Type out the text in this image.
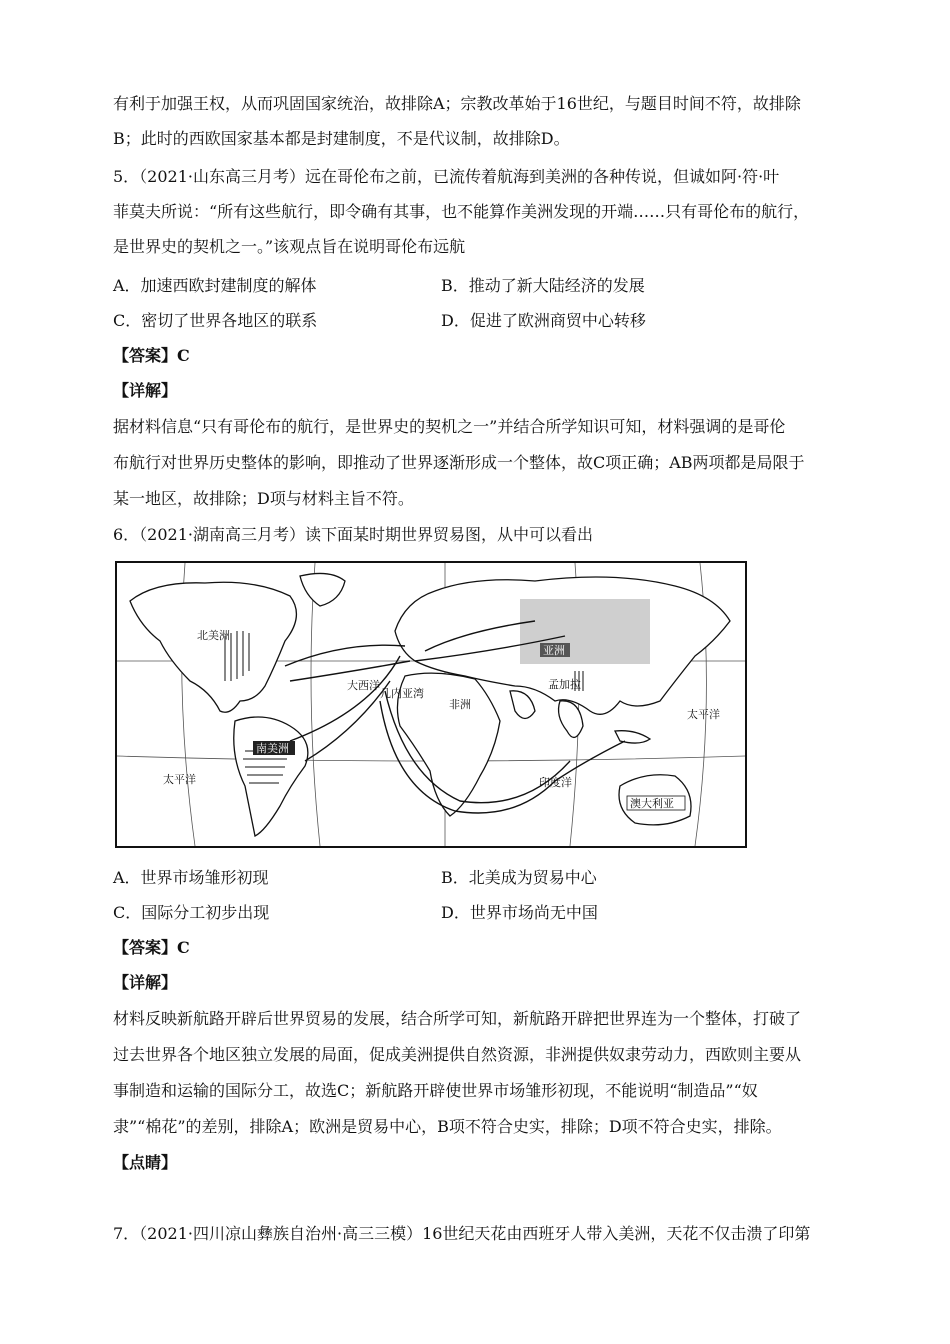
有利于加强王权，从而巩固国家统治，故排除A；宗教改革始于16世纪，与题目时间不符，故排除
B；此时的西欧国家基本都是封建制度，不是代议制，故排除D。
5．（2021·山东高三月考）远在哥伦布之前，已流传着航海到美洲的各种传说，但诚如阿·符·叶
菲莫夫所说：“所有这些航行，即令确有其事，也不能算作美洲发现的开端……只有哥伦布的航行，
是世界史的契机之一。”该观点旨在说明哥伦布远航
A．加速西欧封建制度的解体	B．推动了新大陆经济的发展
C．密切了世界各地区的联系	D．促进了欧洲商贸中心转移
【答案】C
【详解】
据材料信息“只有哥伦布的航行，是世界史的契机之一”并结合所学知识可知，材料强调的是哥伦
布航行对世界历史整体的影响，即推动了世界逐渐形成一个整体，故C项正确；AB两项都是局限于
某一地区，故排除；D项与材料主旨不符。
6．（2021·湖南高三月考）读下面某时期世界贸易图，从中可以看出
北美洲
大西洋
南美洲
太平洋
几内亚湾
非洲
亚洲
孟加拉
太平洋
印度洋
澳大利亚
A．世界市场雏形初现	B．北美成为贸易中心
C．国际分工初步出现	D．世界市场尚无中国
【答案】C
【详解】
材料反映新航路开辟后世界贸易的发展，结合所学可知，新航路开辟把世界连为一个整体，打破了
过去世界各个地区独立发展的局面，促成美洲提供自然资源，非洲提供奴隶劳动力，西欧则主要从
事制造和运输的国际分工，故选C；新航路开辟使世界市场雏形初现，不能说明“制造品”“奴
隶”“棉花”的差别，排除A；欧洲是贸易中心，B项不符合史实，排除；D项不符合史实，排除。
【点睛】
7．（2021·四川凉山彝族自治州·高三三模）16世纪天花由西班牙人带入美洲，天花不仅击溃了印第
